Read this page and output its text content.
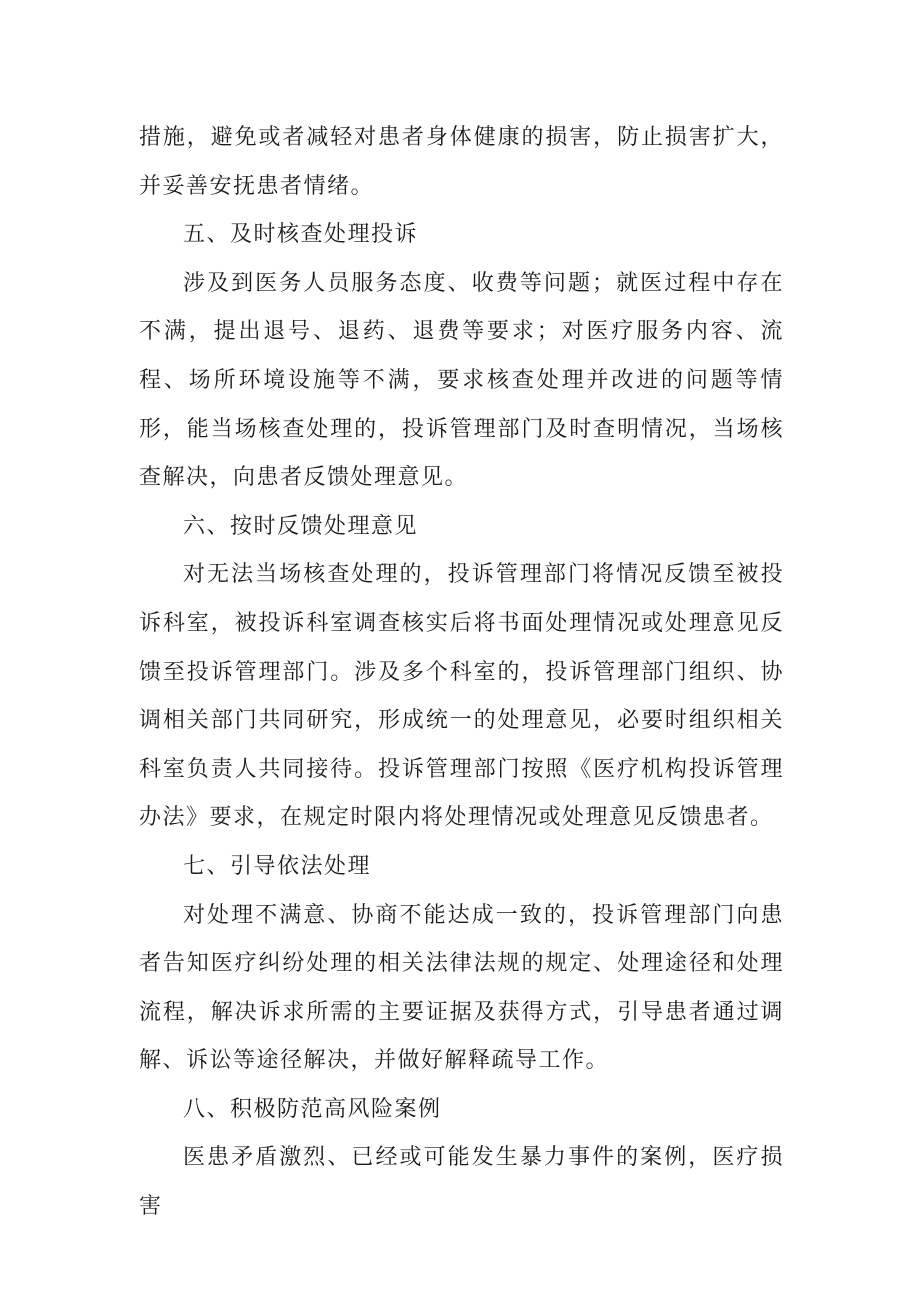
措施，避免或者减轻对患者身体健康的损害，防止损害扩大，并妥善安抚患者情绪。

五、及时核查处理投诉

涉及到医务人员服务态度、收费等问题；就医过程中存在不满，提出退号、退药、退费等要求；对医疗服务内容、流程、场所环境设施等不满，要求核查处理并改进的问题等情形，能当场核查处理的，投诉管理部门及时查明情况，当场核查解决，向患者反馈处理意见。

六、按时反馈处理意见

对无法当场核查处理的，投诉管理部门将情况反馈至被投诉科室，被投诉科室调查核实后将书面处理情况或处理意见反馈至投诉管理部门。涉及多个科室的，投诉管理部门组织、协调相关部门共同研究，形成统一的处理意见，必要时组织相关科室负责人共同接待。投诉管理部门按照《医疗机构投诉管理办法》要求，在规定时限内将处理情况或处理意见反馈患者。

七、引导依法处理

对处理不满意、协商不能达成一致的，投诉管理部门向患者告知医疗纠纷处理的相关法律法规的规定、处理途径和处理流程，解决诉求所需的主要证据及获得方式，引导患者通过调解、诉讼等途径解决，并做好解释疏导工作。

八、积极防范高风险案例

医患矛盾激烈、已经或可能发生暴力事件的案例，医疗损害
